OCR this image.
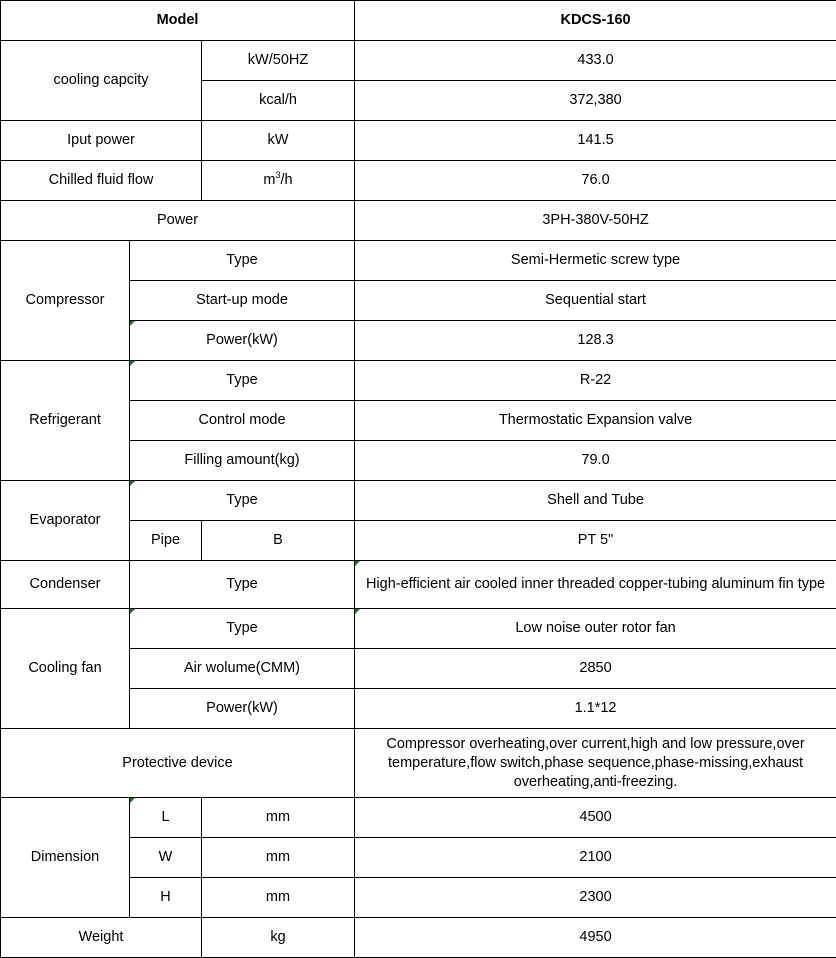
Model			KDCS-160
cooling capcity		kW/50HZ	433.0
		kcal/h	372,380
Iput power		kW	141.5
Chilled fluid flow		$m^3/h$	76.0
Power			3PH-380V-50HZ
Compressor	Type		Semi-Hermetic screw type
	Start-up mode		Sequential start
	Power(kW)		128.3
Refrigerant	Type		R-22
	Control mode		Thermostatic Expansion valve
	Filling amount(kg)		79.0
Evaporator	Type		Shell and Tube
	Pipe	B	PT 5"
Condenser	Type		High-efficient air cooled inner threaded copper-tubing aluminum fin type
Cooling fan	Type		Low noise outer rotor fan
	Air wolume(CMM)		2850
	Power(kW)		1.1*12
Protective device			Compressor overheating,over current,high and low pressure,over temperature,flow switch,phase sequence,phase-missing,exhaust overheating,anti-freezing.
Dimension	L	mm	4500
	W	mm	2100
	H	mm	2300
Weight		kg	4950
